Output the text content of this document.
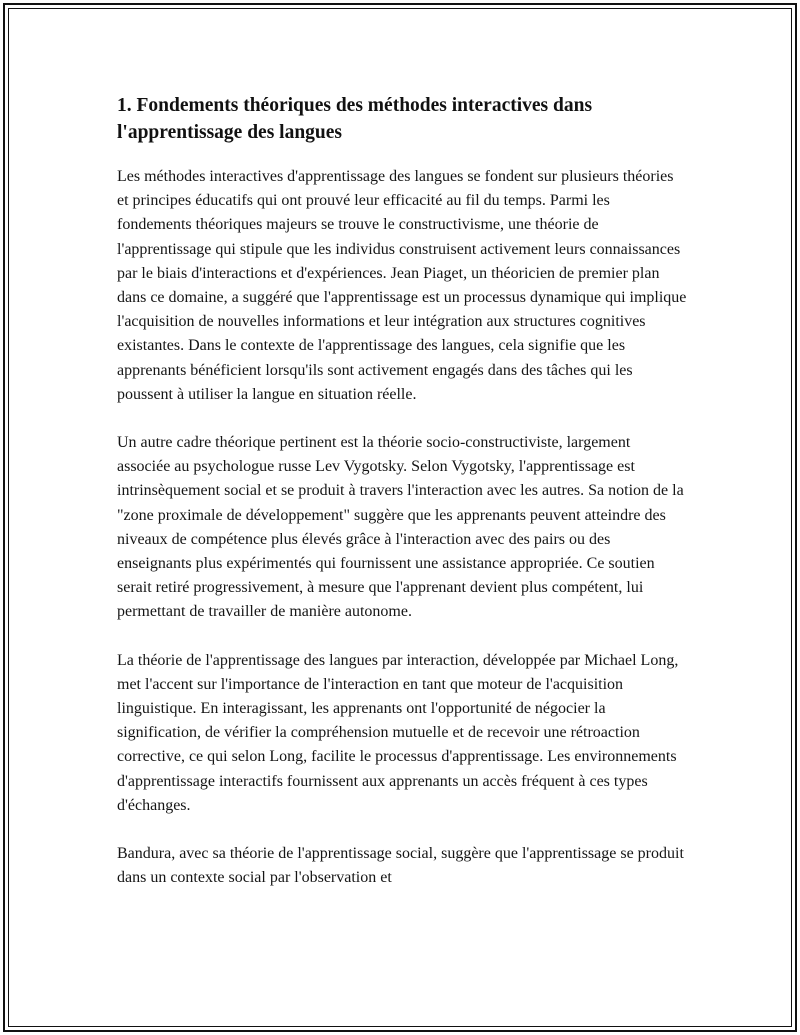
1. Fondements théoriques des méthodes interactives dans l'apprentissage des langues

Les méthodes interactives d'apprentissage des langues se fondent sur plusieurs théories et principes éducatifs qui ont prouvé leur efficacité au fil du temps. Parmi les fondements théoriques majeurs se trouve le constructivisme, une théorie de l'apprentissage qui stipule que les individus construisent activement leurs connaissances par le biais d'interactions et d'expériences. Jean Piaget, un théoricien de premier plan dans ce domaine, a suggéré que l'apprentissage est un processus dynamique qui implique l'acquisition de nouvelles informations et leur intégration aux structures cognitives existantes. Dans le contexte de l'apprentissage des langues, cela signifie que les apprenants bénéficient lorsqu'ils sont activement engagés dans des tâches qui les poussent à utiliser la langue en situation réelle.

Un autre cadre théorique pertinent est la théorie socio-constructiviste, largement associée au psychologue russe Lev Vygotsky. Selon Vygotsky, l'apprentissage est intrinsèquement social et se produit à travers l'interaction avec les autres. Sa notion de la "zone proximale de développement" suggère que les apprenants peuvent atteindre des niveaux de compétence plus élevés grâce à l'interaction avec des pairs ou des enseignants plus expérimentés qui fournissent une assistance appropriée. Ce soutien serait retiré progressivement, à mesure que l'apprenant devient plus compétent, lui permettant de travailler de manière autonome.

La théorie de l'apprentissage des langues par interaction, développée par Michael Long, met l'accent sur l'importance de l'interaction en tant que moteur de l'acquisition linguistique. En interagissant, les apprenants ont l'opportunité de négocier la signification, de vérifier la compréhension mutuelle et de recevoir une rétroaction corrective, ce qui selon Long, facilite le processus d'apprentissage. Les environnements d'apprentissage interactifs fournissent aux apprenants un accès fréquent à ces types d'échanges.

Bandura, avec sa théorie de l'apprentissage social, suggère que l'apprentissage se produit dans un contexte social par l'observation et
